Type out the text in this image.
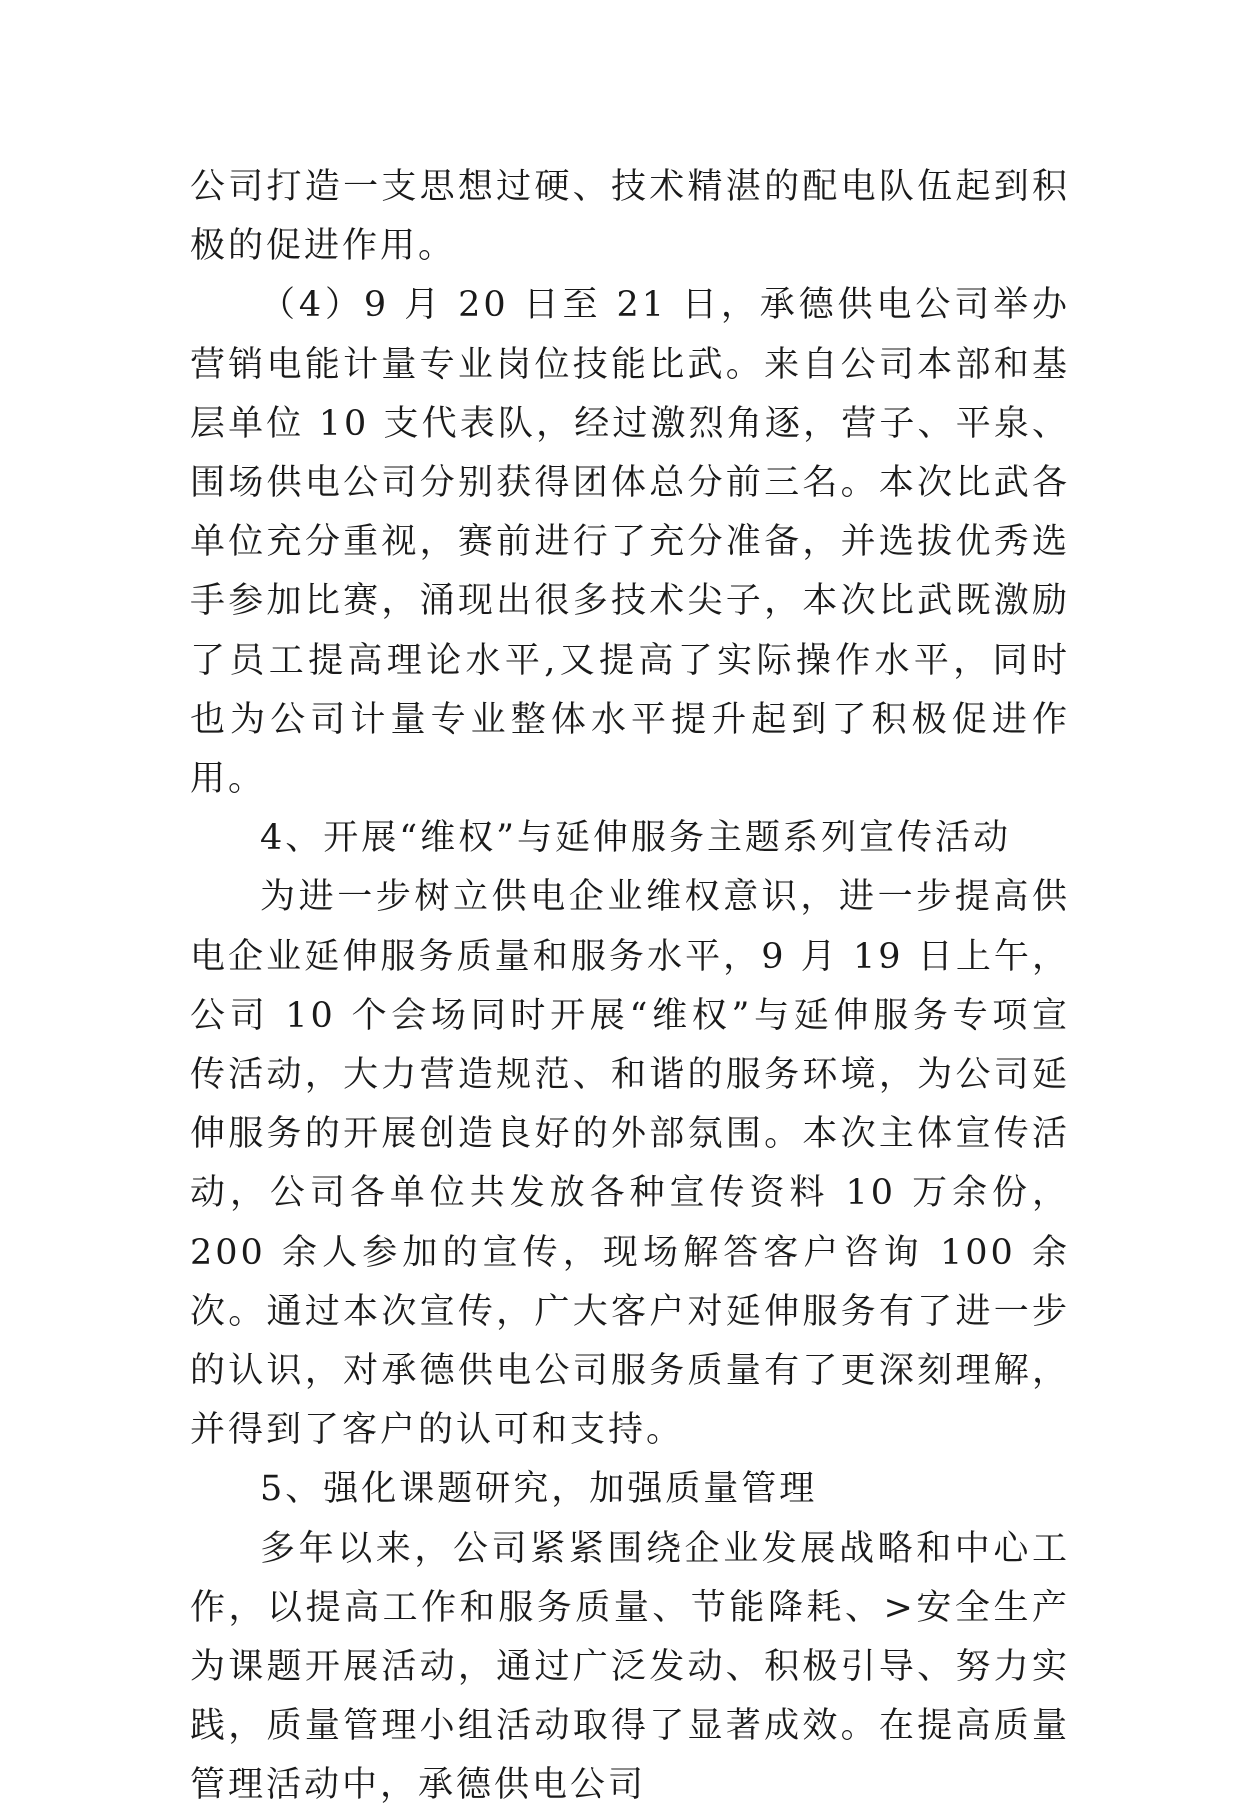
公司打造一支思想过硬、技术精湛的配电队伍起到积极的促进作用。

（4）9 月 20 日至 21 日，承德供电公司举办营销电能计量专业岗位技能比武。来自公司本部和基层单位 10 支代表队，经过激烈角逐，营子、平泉、围场供电公司分别获得团体总分前三名。本次比武各单位充分重视，赛前进行了充分准备，并选拔优秀选手参加比赛，涌现出很多技术尖子，本次比武既激励了员工提高理论水平,又提高了实际操作水平，同时也为公司计量专业整体水平提升起到了积极促进作用。

4、开展“维权”与延伸服务主题系列宣传活动

为进一步树立供电企业维权意识，进一步提高供电企业延伸服务质量和服务水平，9 月 19 日上午，公司 10 个会场同时开展“维权”与延伸服务专项宣传活动，大力营造规范、和谐的服务环境，为公司延伸服务的开展创造良好的外部氛围。本次主体宣传活动，公司各单位共发放各种宣传资料 10 万余份，200 余人参加的宣传，现场解答客户咨询 100 余次。通过本次宣传，广大客户对延伸服务有了进一步的认识，对承德供电公司服务质量有了更深刻理解，并得到了客户的认可和支持。

5、强化课题研究，加强质量管理

多年以来，公司紧紧围绕企业发展战略和中心工作，以提高工作和服务质量、节能降耗、>安全生产为课题开展活动，通过广泛发动、积极引导、努力实践，质量管理小组活动取得了显著成效。在提高质量管理活动中，承德供电公司
